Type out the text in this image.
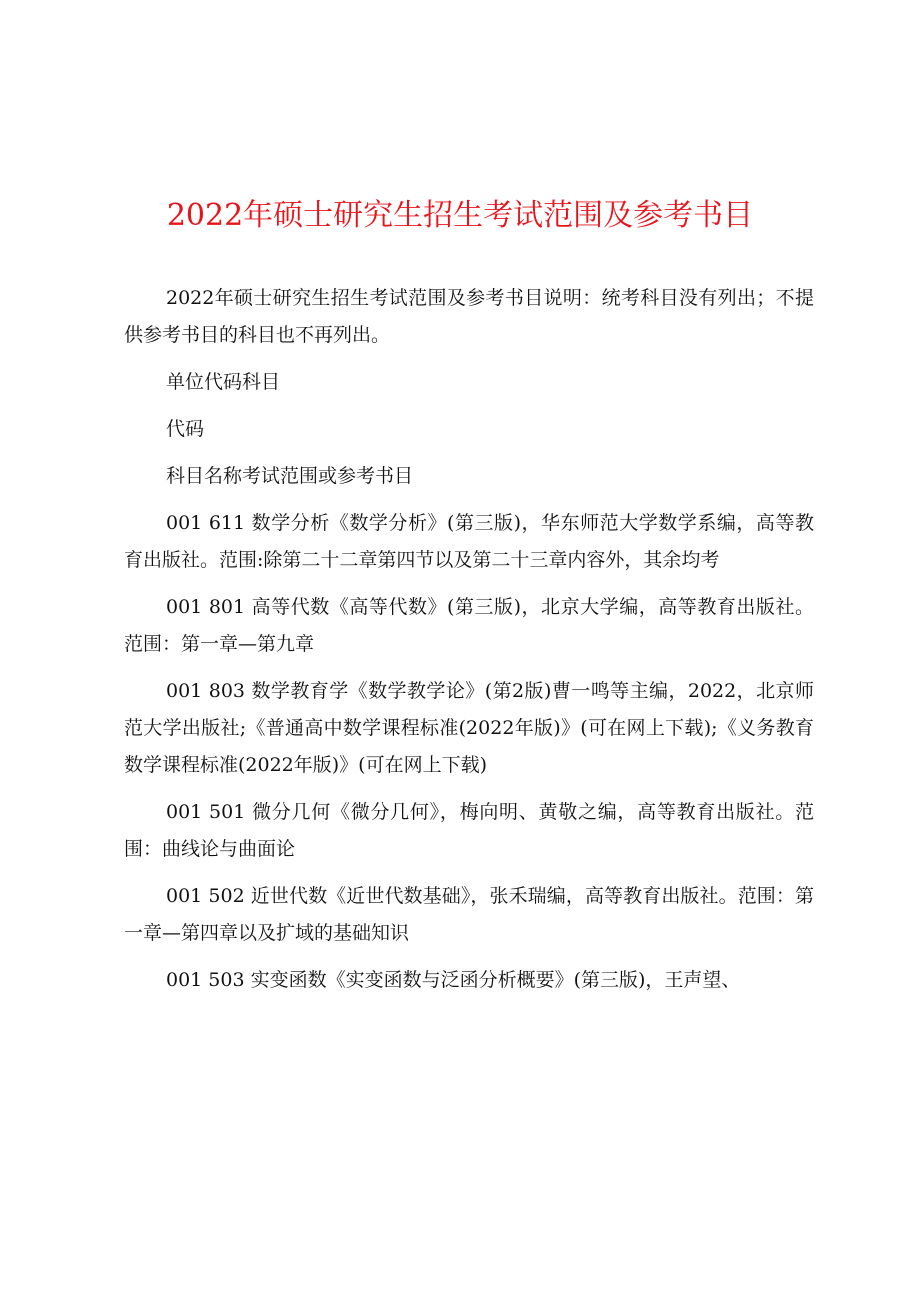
2022年硕士研究生招生考试范围及参考书目

2022年硕士研究生招生考试范围及参考书目说明：统考科目没有列出；不提供参考书目的科目也不再列出。

单位代码科目

代码

科目名称考试范围或参考书目

001 611 数学分析《数学分析》(第三版)，华东师范大学数学系编，高等教育出版社。范围:除第二十二章第四节以及第二十三章内容外，其余均考

001 801 高等代数《高等代数》(第三版)，北京大学编，高等教育出版社。范围：第一章—第九章

001 803 数学教育学《数学教学论》(第2版)曹一鸣等主编，2022，北京师范大学出版社;《普通高中数学课程标准(2022年版)》(可在网上下载);《义务教育数学课程标准(2022年版)》(可在网上下载)

001 501 微分几何《微分几何》，梅向明、黄敬之编，高等教育出版社。范围：曲线论与曲面论

001 502 近世代数《近世代数基础》，张禾瑞编，高等教育出版社。范围：第一章—第四章以及扩域的基础知识

001 503 实变函数《实变函数与泛函分析概要》(第三版)，王声望、
